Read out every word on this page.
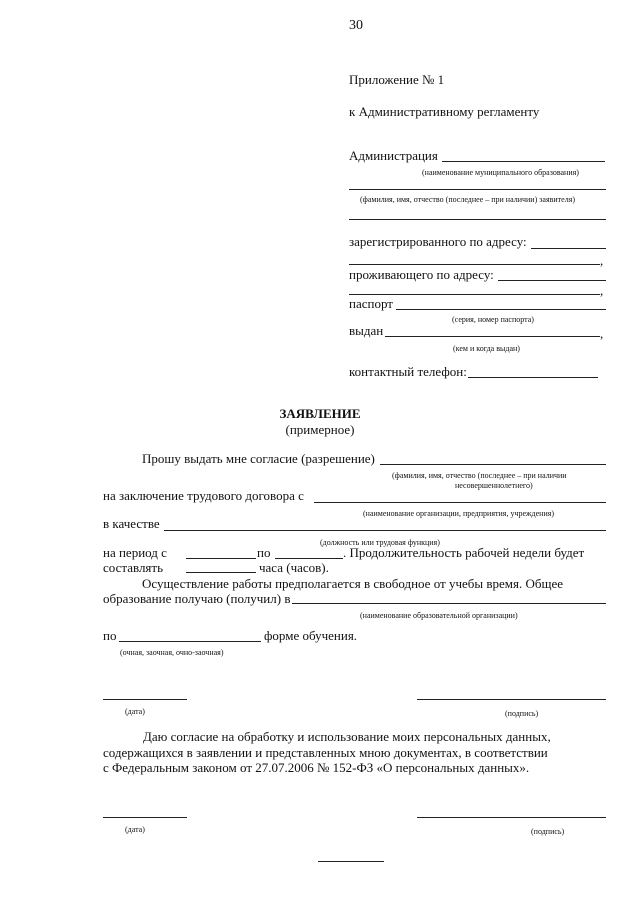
30
Приложение № 1
к Административному регламенту
Администрация
(наименование муниципального образования)
(фамилия, имя, отчество (последнее – при наличии) заявителя)
зарегистрированного по адресу:
,
проживающего по адресу:
,
паспорт
(серия, номер паспорта)
выдан	,
(кем и когда выдан)
контактный телефон:
ЗАЯВЛЕНИЕ
(примерное)
Прошу выдать мне согласие (разрешение)
(фамилия, имя, отчество (последнее – при наличии
несовершеннолетнего)
на заключение трудового договора с
(наименование организации, предприятия, учреждения)
в качестве
(должность или трудовая функция)
на период с	по	. Продолжительность рабочей недели будет
составлять	часа (часов).
Осуществление работы предполагается в свободное от учебы время. Общее
образование получаю (получил) в
(наименование образовательной организации)
по	форме обучения.
(очная, заочная, очно-заочная)
(дата)	(подпись)
Даю согласие на обработку и использование моих персональных данных,
содержащихся в заявлении и представленных мною документах, в соответствии
с Федеральным законом от 27.07.2006 № 152-ФЗ «О персональных данных».
(дата)	(подпись)
